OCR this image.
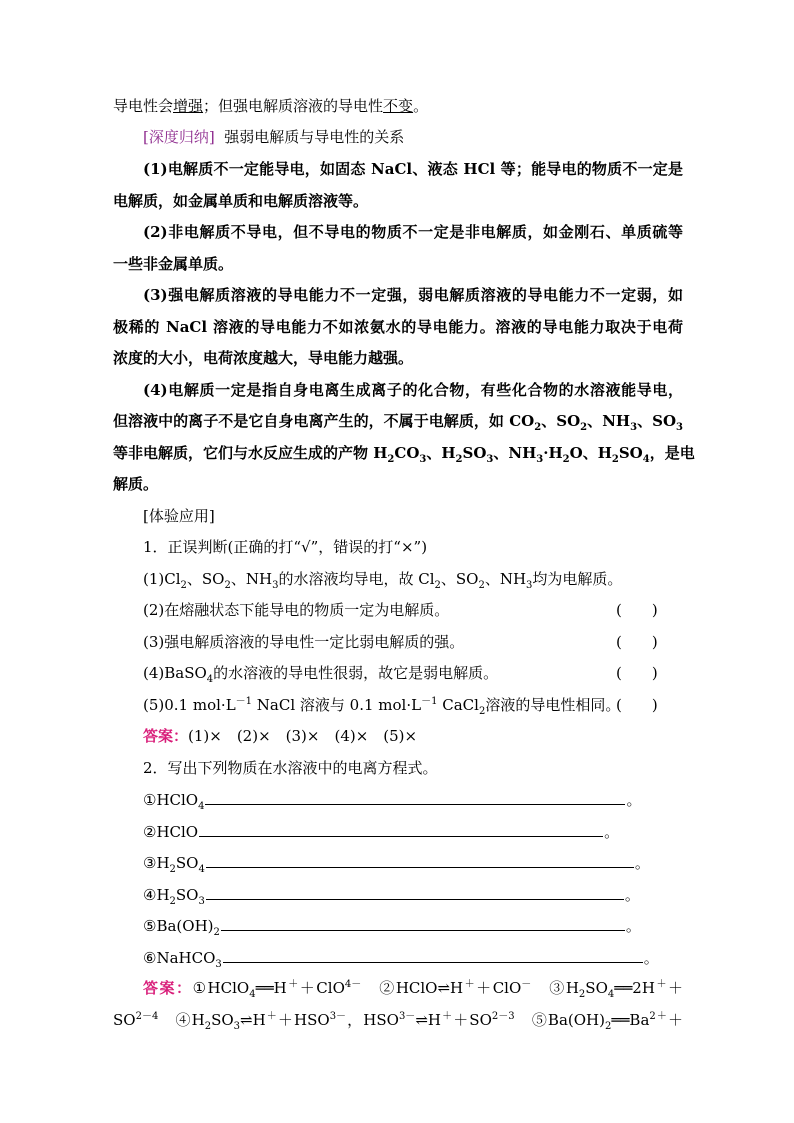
导电性会增强；但强电解质溶液的导电性不变。
[深度归纳] 强弱电解质与导电性的关系
(1)电解质不一定能导电，如固态 NaCl、液态 HCl 等；能导电的物质不一定是
电解质，如金属单质和电解质溶液等。
(2)非电解质不导电，但不导电的物质不一定是非电解质，如金刚石、单质硫等
一些非金属单质。
(3)强电解质溶液的导电能力不一定强，弱电解质溶液的导电能力不一定弱，如
极稀的 NaCl 溶液的导电能力不如浓氨水的导电能力。溶液的导电能力取决于电荷
浓度的大小，电荷浓度越大，导电能力越强。
(4)电解质一定是指自身电离生成离子的化合物，有些化合物的水溶液能导电，
但溶液中的离子不是它自身电离产生的，不属于电解质，如 $CO_2$、$SO_2$、$NH_3$、$SO_3$
等非电解质，它们与水反应生成的产物 $H_2CO_3$、$H_2SO_3$、$NH_3\cdot H_2O$、$H_2SO_4$，是电
解质。
[体验应用]
1．正误判断(正确的打“√”，错误的打“×”)
$(1)Cl_2$、$SO_2$、$NH_3$的水溶液均导电，故 $Cl_2$、$SO_2$、$NH_3$均为电解质。
(2)在熔融状态下能导电的物质一定为电解质。	(　　)
(3)强电解质溶液的导电性一定比弱电解质的强。	(　　)
(4)BaSO$_4$的水溶液的导电性很弱，故它是弱电解质。	(　　)
(5)0.1 $mol\cdot L^{-1}$ NaCl 溶液与 0.1 $mol\cdot L^{-1}$ CaCl$_2$溶液的导电性相同。
(　　)
答案：(1)×　(2)×　(3)×　(4)×　(5)×
2．写出下列物质在水溶液中的电离方程式。
①HClO$_4$	。
②HClO	。
$③H_2SO_4$	。
$④H_2SO_3$	。
$⑤Ba(OH)_2$	。
⑥NaHCO$_3$	。
答案：①HClO$_4$══H＋＋ClO$^{4-}$　②HClO⇌H＋＋ClO－　$③H_2SO_4══2H^++$
$SO^{2-4}$　$④H_2SO_3\rightleftharpoons H^++HSO^{3-}$，$HSO^{3-}\rightleftharpoons H^++SO^{2-3}$　$⑤Ba(OH)_2══Ba^{2+}+$
